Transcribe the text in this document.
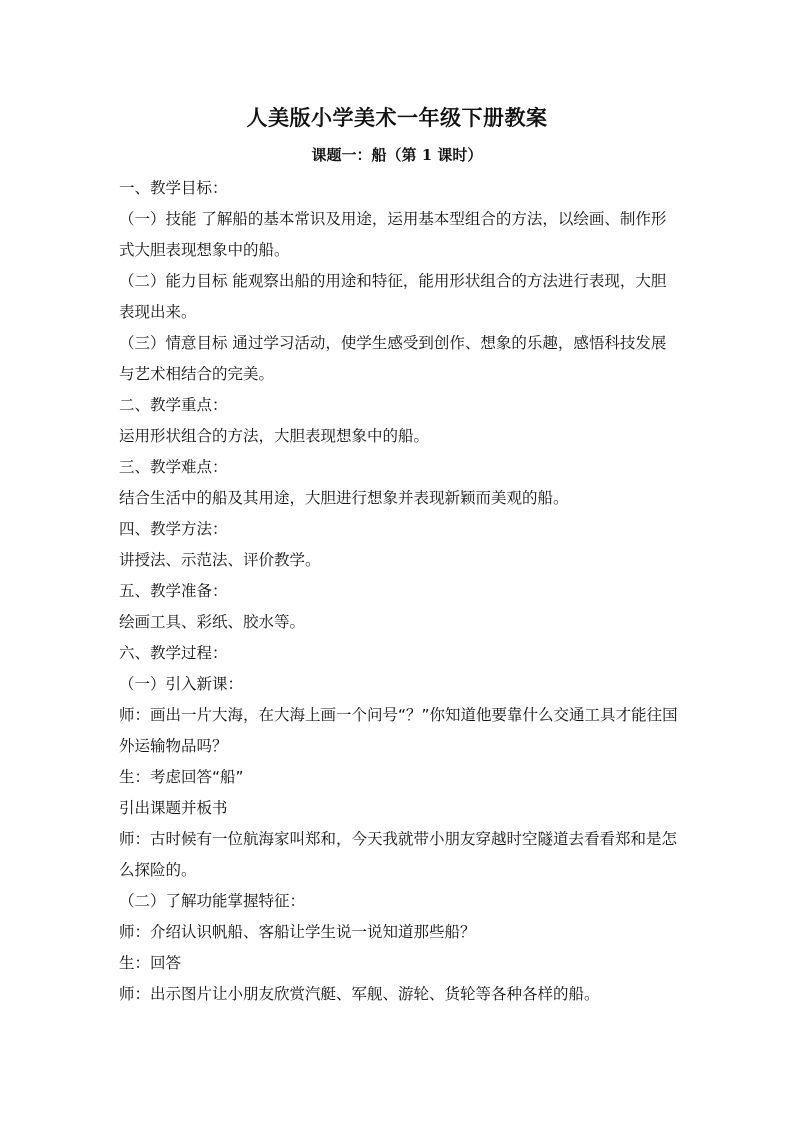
人美版小学美术一年级下册教案
课题一：船（第 1 课时）

一、教学目标：

（一）技能 了解船的基本常识及用途，运用基本型组合的方法，以绘画、制作形式大胆表现想象中的船。

（二）能力目标 能观察出船的用途和特征，能用形状组合的方法进行表现，大胆表现出来。

（三）情意目标 通过学习活动，使学生感受到创作、想象的乐趣，感悟科技发展与艺术相结合的完美。

二、教学重点：

运用形状组合的方法，大胆表现想象中的船。

三、教学难点：

结合生活中的船及其用途，大胆进行想象并表现新颖而美观的船。

四、教学方法：

讲授法、示范法、评价教学。

五、教学准备：

绘画工具、彩纸、胶水等。

六、教学过程：

（一）引入新课：

师：画出一片大海，在大海上画一个问号“？”你知道他要靠什么交通工具才能往国外运输物品吗？

生：考虑回答“船”

引出课题并板书

师：古时候有一位航海家叫郑和，今天我就带小朋友穿越时空隧道去看看郑和是怎么探险的。

（二）了解功能掌握特征：

师：介绍认识帆船、客船让学生说一说知道那些船？

生：回答

师：出示图片让小朋友欣赏汽艇、军舰、游轮、货轮等各种各样的船。
